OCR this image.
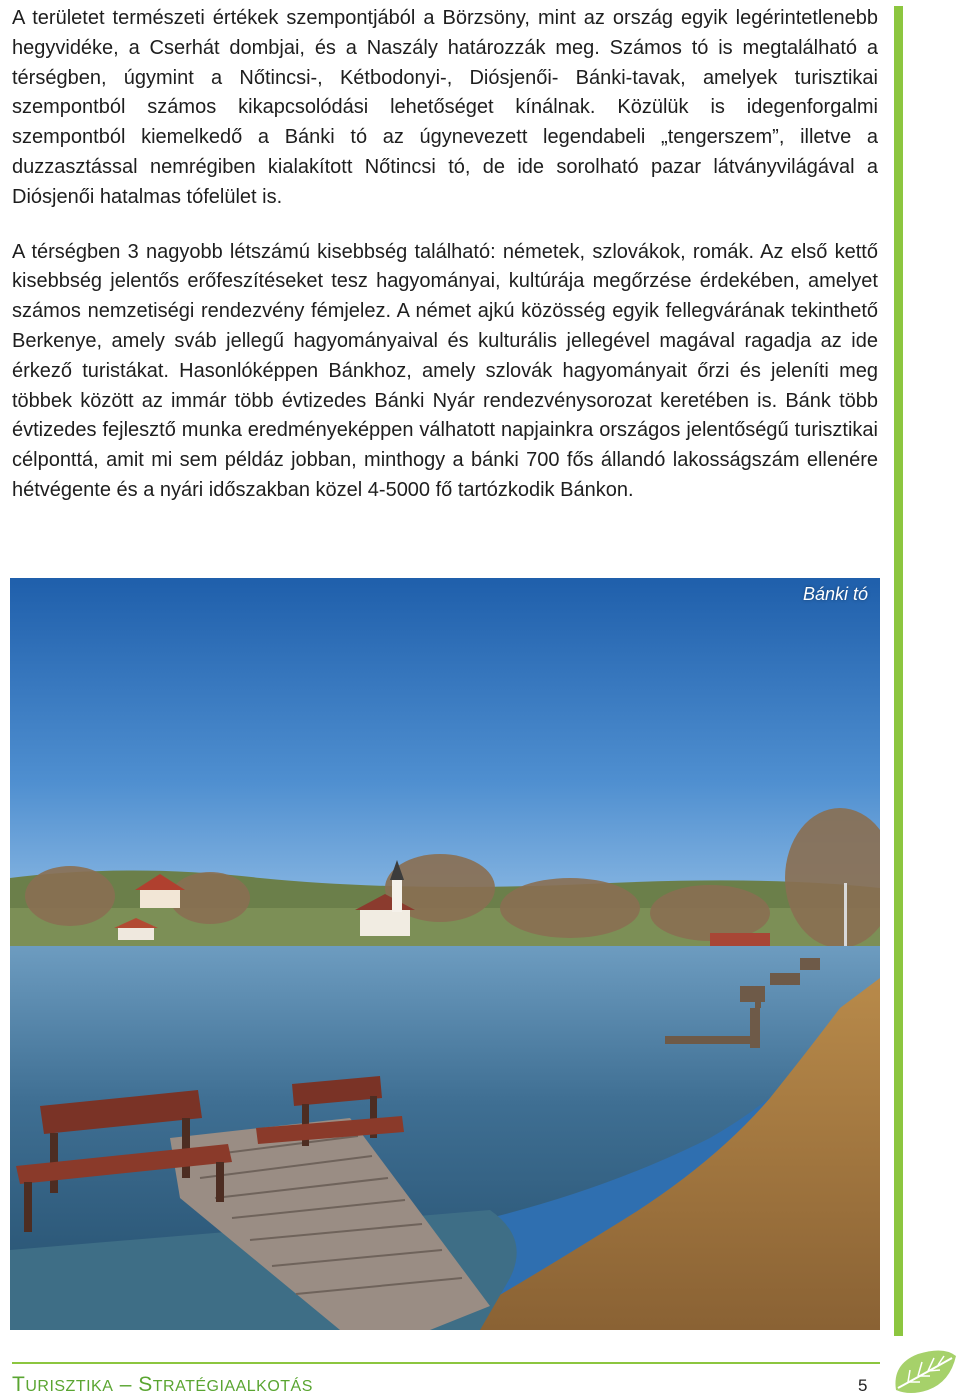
A területet természeti értékek szempontjából a Börzsöny, mint az ország egyik legérintetlenebb hegyvidéke, a Cserhát dombjai, és a Naszály határozzák meg. Számos tó is megtalálható a térségben, úgymint a Nőtincsi-, Kétbodonyi-, Diósjenői- Bánki-tavak, amelyek turisztikai szempontból számos kikapcsolódási lehetőséget kínálnak. Közülük is idegenforgalmi szempontból kiemelkedő a Bánki tó az úgynevezett legendabeli „tengerszem”, illetve a duzzasztással nemrégiben kialakított Nőtincsi tó, de ide sorolható pazar látványvilágával a Diósjenői hatalmas tófelület is.

A térségben 3 nagyobb létszámú kisebbség található: németek, szlovákok, romák. Az első kettő kisebbség jelentős erőfeszítéseket tesz hagyományai, kultúrája megőrzése érdekében, amelyet számos nemzetiségi rendezvény fémjelez. A német ajkú közösség egyik fellegvárának tekinthető Berkenye, amely sváb jellegű hagyományaival és kulturális jellegével magával ragadja az ide érkező turistákat. Hasonlóképpen Bánkhoz, amely szlovák hagyományait őrzi és jeleníti meg többek között az immár több évtizedes Bánki Nyár rendezvénysorozat keretében is. Bánk több évtizedes fejlesztő munka eredményeképpen válhatott napjainkra országos jelentőségű turisztikai célponttá, amit mi sem példáz jobban, minthogy a bánki 700 fős állandó lakosságszám ellenére hétvégente és a nyári időszakban közel 4-5000 fő tartózkodik Bánkon.

Bánki tó
TURISZTIKA – STRATÉGIAALKOTÁS	5
